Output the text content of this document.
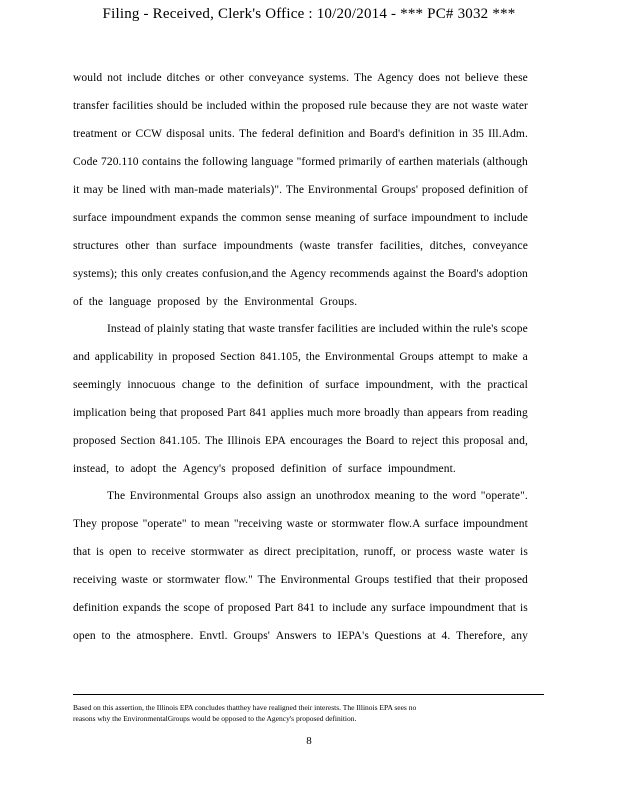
Filing - Received, Clerk's Office : 10/20/2014 - *** PC# 3032 ***
would not include ditches or other conveyance systems. The Agency does not believe these
transfer facilities should be included within the proposed rule because they are not waste water
treatment or CCW disposal units. The federal definition and Board's definition in 35 Ill.Adm.
Code 720.110 contains the following language "formed primarily of earthen materials (although
it may be lined with man-made materials)". The Environmental Groups' proposed definition of
surface impoundment expands the common sense meaning of surface impoundment to include
structures other than surface impoundments (waste transfer facilities, ditches, conveyance
systems); this only creates confusion,and the Agency recommends against the Board's adoption
of the language proposed by the Environmental Groups.
Instead of plainly stating that waste transfer facilities are included within the rule's scope
and applicability in proposed Section 841.105, the Environmental Groups attempt to make a
seemingly innocuous change to the definition of surface impoundment, with the practical
implication being that proposed Part 841 applies much more broadly than appears from reading
proposed Section 841.105. The Illinois EPA encourages the Board to reject this proposal and,
instead, to adopt the Agency's proposed definition of surface impoundment.
The Environmental Groups also assign an unothrodox meaning to the word "operate".
They propose "operate" to mean "receiving waste or stormwater flow.A surface impoundment
that is open to receive stormwater as direct precipitation, runoff, or process waste water is
receiving waste or stormwater flow." The Environmental Groups testified that their proposed
definition expands the scope of proposed Part 841 to include any surface impoundment that is
open to the atmosphere. Envtl. Groups' Answers to IEPA's Questions at 4. Therefore, any
Based on this assertion, the Illinois EPA concludes thatthey have realigned their interests. The Illinois EPA sees no
reasons why the EnvironmentalGroups would be opposed to the Agency's proposed definition.
8
